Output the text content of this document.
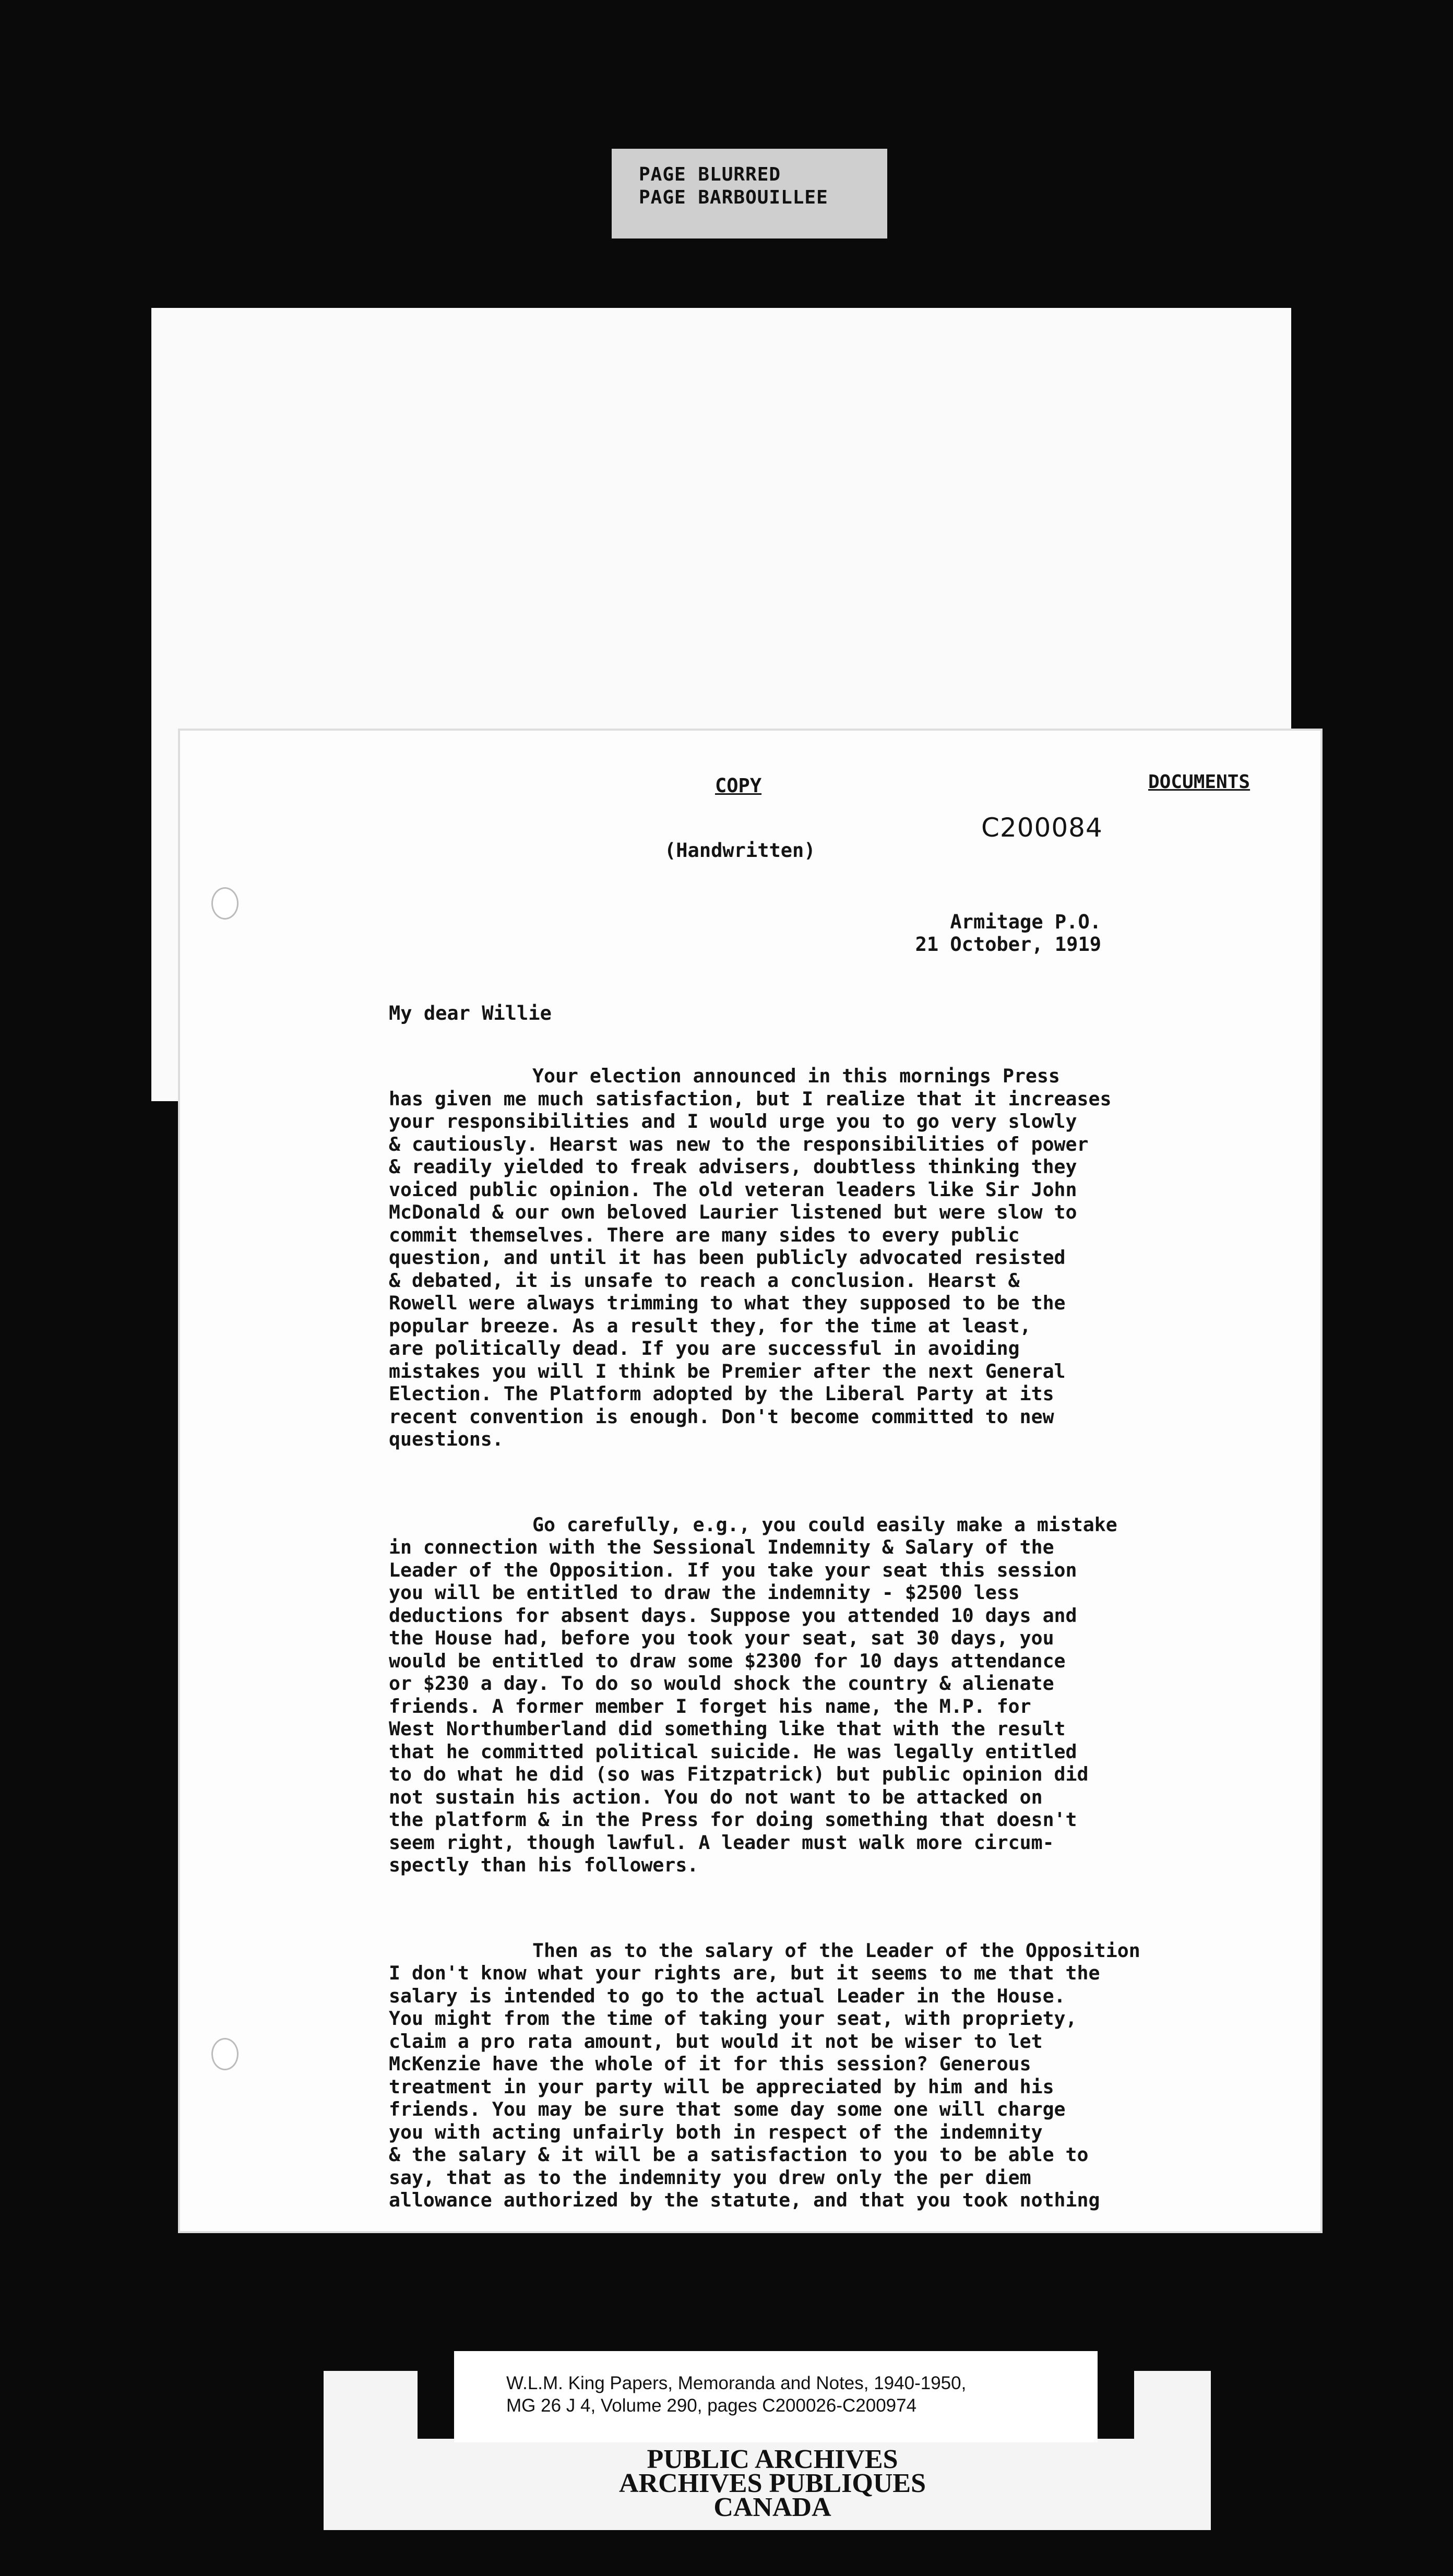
PAGE BLURRED
PAGE BARBOUILLEE
COPY	DOCUMENTS
C200084
(Handwritten)
Armitage P.O.
21 October, 1919
My dear Willie

Your election announced in this mornings Press
has given me much satisfaction, but I realize that it increases
your responsibilities and I would urge you to go very slowly
& cautiously. Hearst was new to the responsibilities of power
& readily yielded to freak advisers, doubtless thinking they
voiced public opinion. The old veteran leaders like Sir John
McDonald & our own beloved Laurier listened but were slow to
commit themselves. There are many sides to every public
question, and until it has been publicly advocated resisted
& debated, it is unsafe to reach a conclusion. Hearst &
Rowell were always trimming to what they supposed to be the
popular breeze. As a result they, for the time at least,
are politically dead. If you are successful in avoiding
mistakes you will I think be Premier after the next General
Election. The Platform adopted by the Liberal Party at its
recent convention is enough. Don't become committed to new
questions.

Go carefully, e.g., you could easily make a mistake
in connection with the Sessional Indemnity & Salary of the
Leader of the Opposition. If you take your seat this session
you will be entitled to draw the indemnity - $2500 less
deductions for absent days. Suppose you attended 10 days and
the House had, before you took your seat, sat 30 days, you
would be entitled to draw some $2300 for 10 days attendance
or $230 a day. To do so would shock the country & alienate
friends. A former member I forget his name, the M.P. for
West Northumberland did something like that with the result
that he committed political suicide. He was legally entitled
to do what he did (so was Fitzpatrick) but public opinion did
not sustain his action. You do not want to be attacked on
the platform & in the Press for doing something that doesn't
seem right, though lawful. A leader must walk more circum-
spectly than his followers.

Then as to the salary of the Leader of the Opposition
I don't know what your rights are, but it seems to me that the
salary is intended to go to the actual Leader in the House.
You might from the time of taking your seat, with propriety,
claim a pro rata amount, but would it not be wiser to let
McKenzie have the whole of it for this session? Generous
treatment in your party will be appreciated by him and his
friends. You may be sure that some day some one will charge
you with acting unfairly both in respect of the indemnity
& the salary & it will be a satisfaction to you to be able to
say, that as to the indemnity you drew only the per diem
allowance authorized by the statute, and that you took nothing

W.L.M. King Papers, Memoranda and Notes, 1940-1950,
MG 26 J 4, Volume 290, pages C200026-C200974
PUBLIC ARCHIVES
ARCHIVES PUBLIQUES
CANADA
